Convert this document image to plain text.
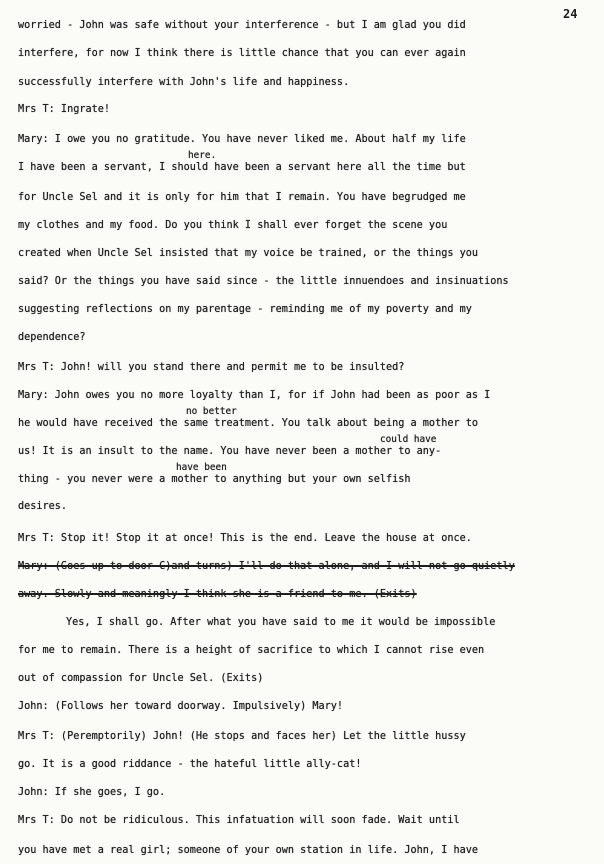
24
worried - John was safe without your interference - but I am glad you did
interfere, for now I think there is little chance that you can ever again
successfully interfere with John's life and happiness.
Mrs T: Ingrate!
Mary: I owe you no gratitude. You have never liked me. About half my life
here.
I have been a servant, I should have been a servant here all the time but
for Uncle Sel and it is only for him that I remain. You have begrudged me
my clothes and my food. Do you think I shall ever forget the scene you
created when Uncle Sel insisted that my voice be trained, or the things you
said? Or the things you have said since - the little innuendoes and insinuations
suggesting reflections on my parentage - reminding me of my poverty and my
dependence?
Mrs T: John! will you stand there and permit me to be insulted?
Mary: John owes you no more loyalty than I, for if John had been as poor as I
no better
he would have received the same treatment. You talk about being a mother to
could have
us! It is an insult to the name. You have never been a mother to any-
have been
thing - you never were a mother to anything but your own selfish
desires.
Mrs T: Stop it! Stop it at once! This is the end. Leave the house at once.
Mary: (Goes up to door C)and turns) I'll do that alone, and I will not go quietly
away. Slowly and meaningly I think she is a friend to me. (Exits)
Yes, I shall go. After what you have said to me it would be impossible
for me to remain. There is a height of sacrifice to which I cannot rise even
out of compassion for Uncle Sel. (Exits)
John: (Follows her toward doorway. Impulsively) Mary!
Mrs T: (Peremptorily) John! (He stops and faces her) Let the little hussy
go. It is a good riddance - the hateful little ally-cat!
John: If she goes, I go.
Mrs T: Do not be ridiculous. This infatuation will soon fade. Wait until
you have met a real girl; someone of your own station in life. John, I have
